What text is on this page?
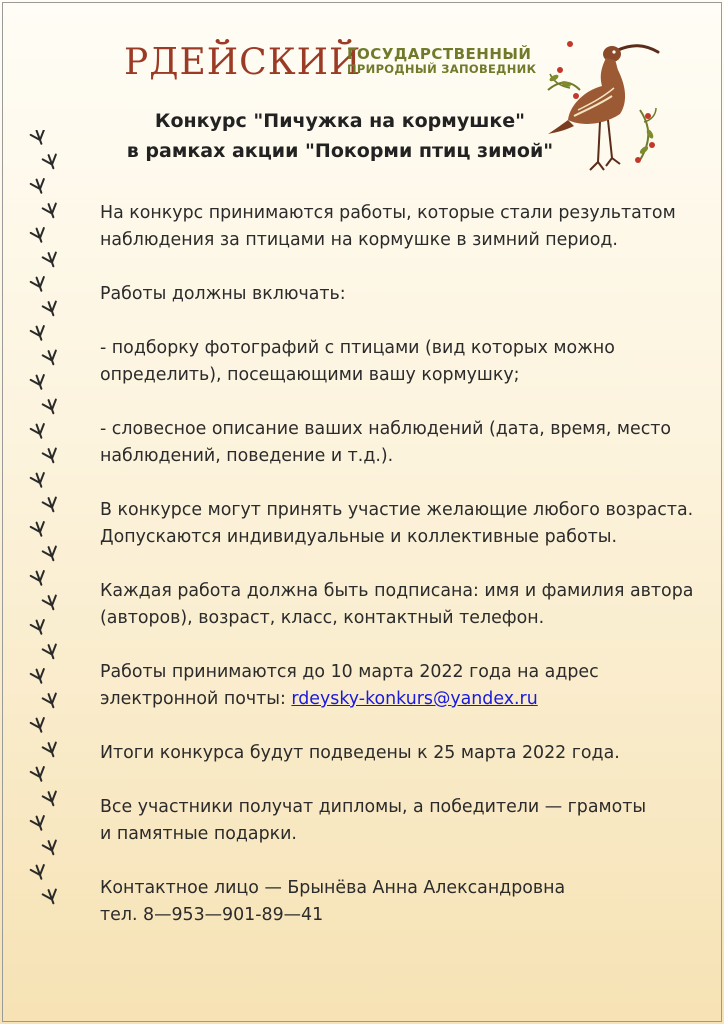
РДЕЙСКИЙ
ГОСУДАРСТВЕННЫЙ
ПРИРОДНЫЙ ЗАПОВЕДНИК
Конкурс "Пичужка на кормушке"
в рамках акции "Покорми птиц зимой"

На конкурс принимаются работы, которые стали результатом
наблюдения за птицами на кормушке в зимний период.

Работы должны включать:

- подборку фотографий с птицами (вид которых можно
определить), посещающими вашу кормушку;

- словесное описание ваших наблюдений (дата, время, место
наблюдений, поведение и т.д.).

В конкурсе могут принять участие желающие любого возраста.
Допускаются индивидуальные и коллективные работы.

Каждая работа должна быть подписана: имя и фамилия автора
(авторов), возраст, класс, контактный телефон.

Работы принимаются до 10 марта 2022 года на адрес
электронной почты: rdeysky-konkurs@yandex.ru

Итоги конкурса будут подведены к 25 марта 2022 года.

Все участники получат дипломы, а победители — грамоты
и памятные подарки.

Контактное лицо — Брынёва Анна Александровна
тел. 8—953—901-89—41
